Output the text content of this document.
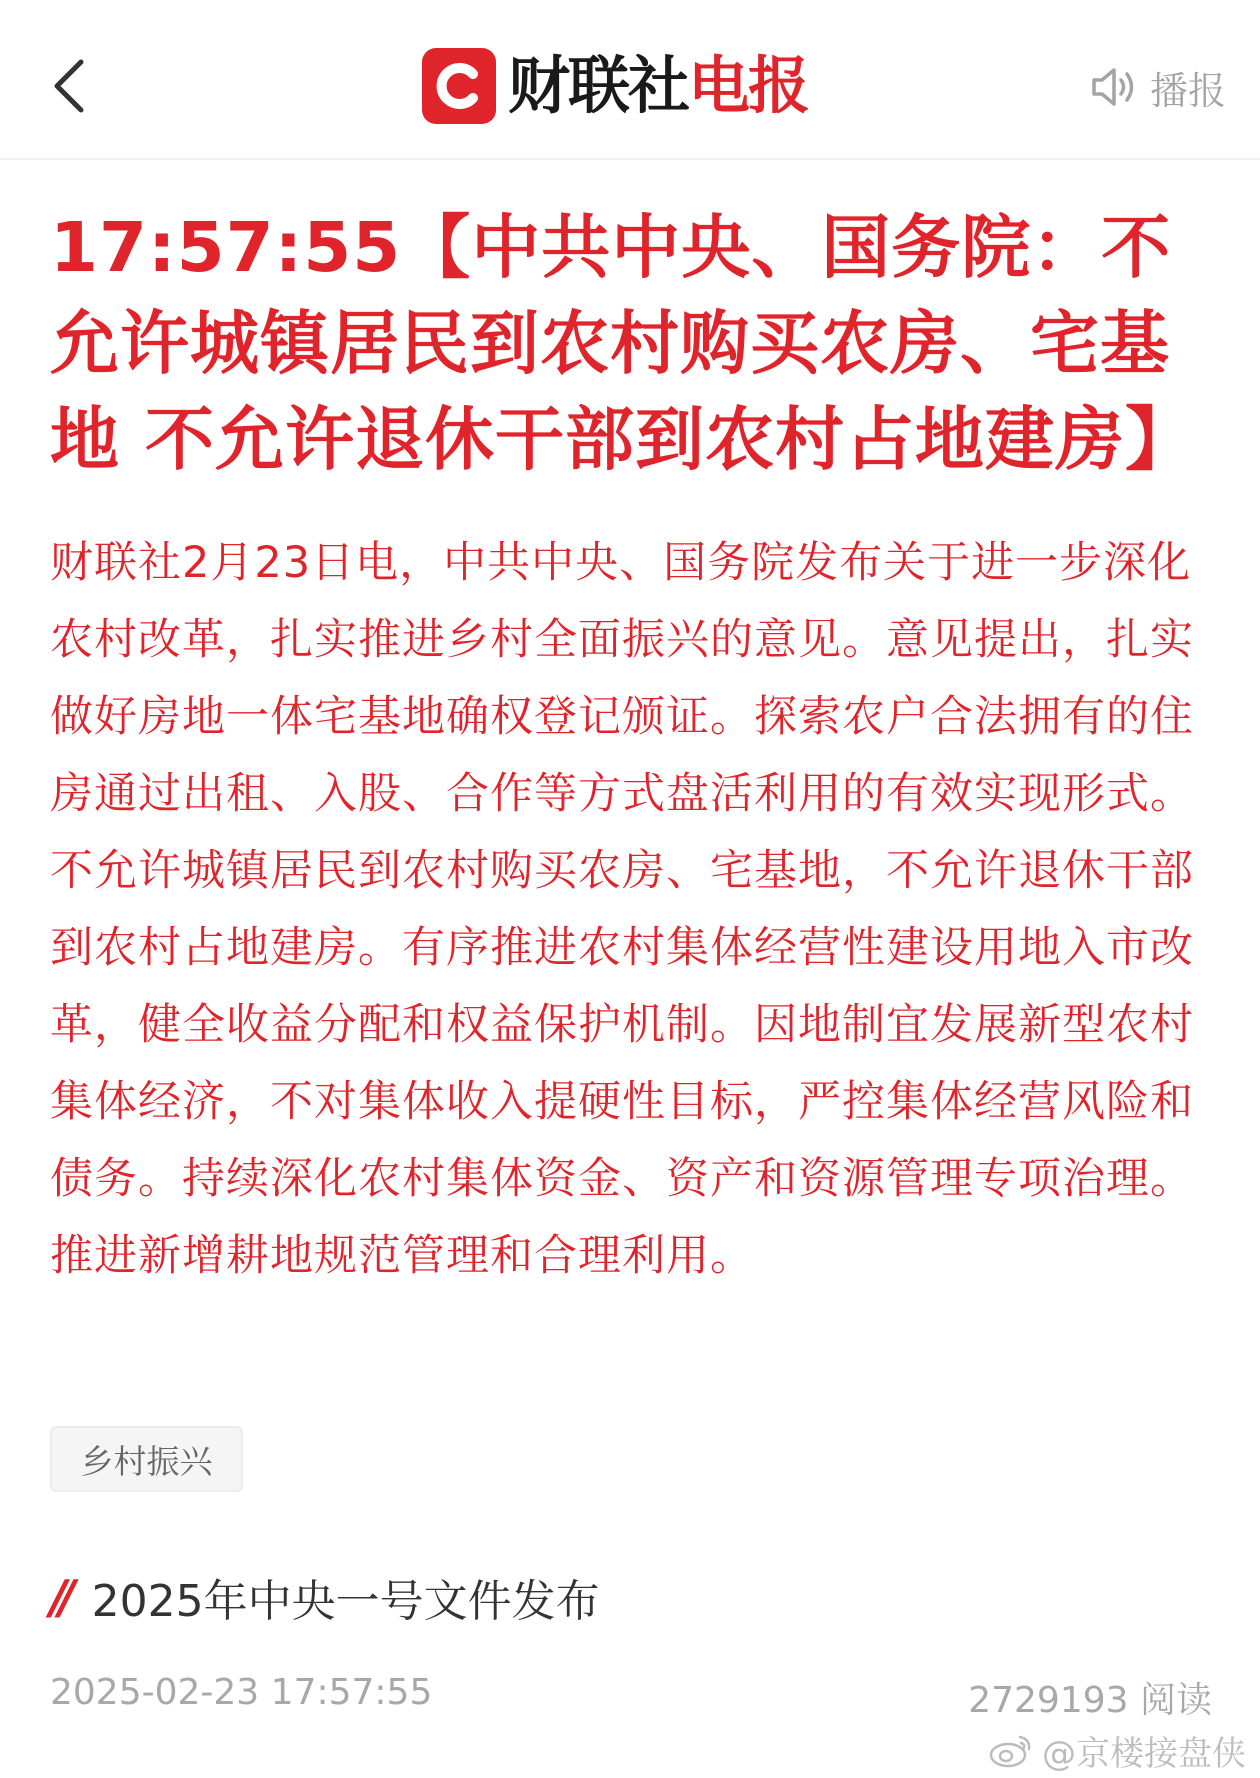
财联社电报	播报
17:57:55【中共中央、国务院：不允许城镇居民到农村购买农房、宅基地 不允许退休干部到农村占地建房】
财联社2月23日电，中共中央、国务院发布关于进一步深化农村改革，扎实推进乡村全面振兴的意见。意见提出，扎实做好房地一体宅基地确权登记颁证。探索农户合法拥有的住房通过出租、入股、合作等方式盘活利用的有效实现形式。不允许城镇居民到农村购买农房、宅基地，不允许退休干部到农村占地建房。有序推进农村集体经营性建设用地入市改革，健全收益分配和权益保护机制。因地制宜发展新型农村集体经济，不对集体收入提硬性目标，严控集体经营风险和债务。持续深化农村集体资金、资产和资源管理专项治理。推进新增耕地规范管理和合理利用。
乡村振兴
// 2025年中央一号文件发布
2025-02-23 17:57:55	2729193 阅读
@京楼接盘侠
